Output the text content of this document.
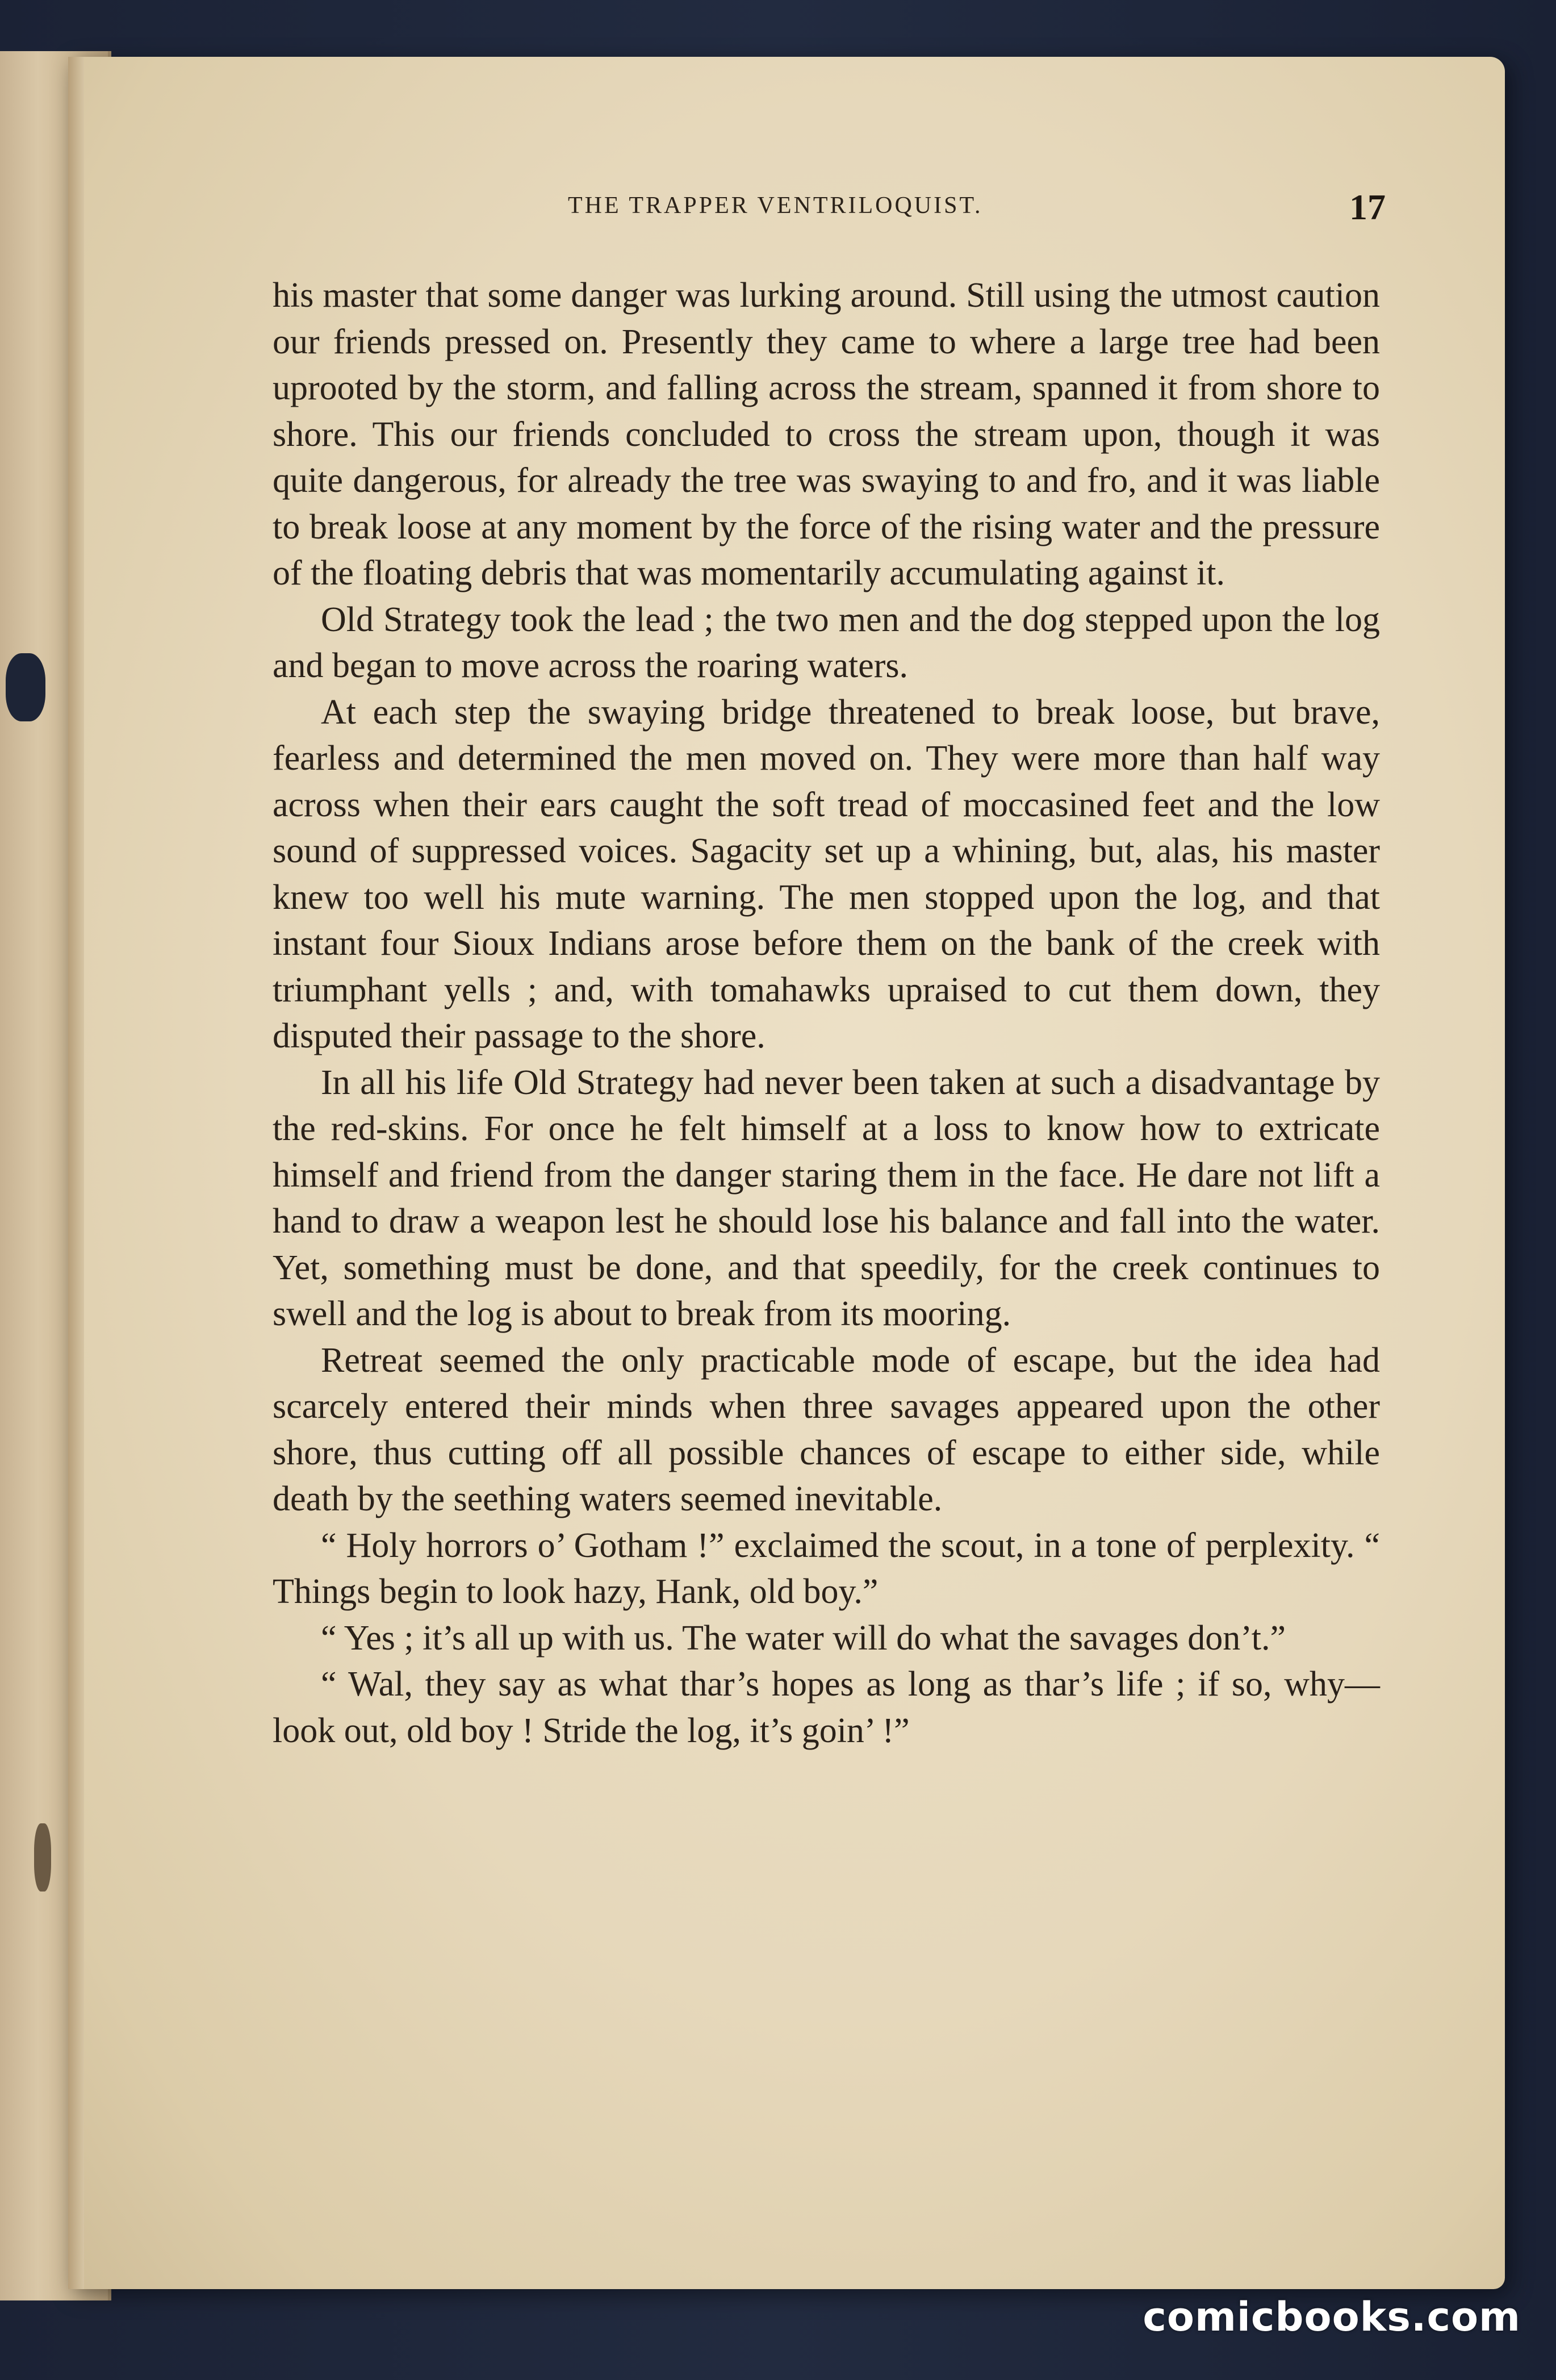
THE TRAPPER VENTRILOQUIST.	17

his master that some danger was lurking around. Still using the utmost caution our friends pressed on. Presently they came to where a large tree had been uprooted by the storm, and falling across the stream, spanned it from shore to shore. This our friends concluded to cross the stream upon, though it was quite dangerous, for already the tree was swaying to and fro, and it was liable to break loose at any moment by the force of the rising water and the pressure of the floating debris that was momentarily accumulating against it.

Old Strategy took the lead ; the two men and the dog stepped upon the log and began to move across the roaring waters.

At each step the swaying bridge threatened to break loose, but brave, fearless and determined the men moved on. They were more than half way across when their ears caught the soft tread of moccasined feet and the low sound of suppressed voices. Sagacity set up a whining, but, alas, his master knew too well his mute warning. The men stopped upon the log, and that instant four Sioux Indians arose before them on the bank of the creek with triumphant yells ; and, with tomahawks upraised to cut them down, they disputed their passage to the shore.

In all his life Old Strategy had never been taken at such a disadvantage by the red-skins. For once he felt himself at a loss to know how to extricate himself and friend from the danger staring them in the face. He dare not lift a hand to draw a weapon lest he should lose his balance and fall into the water. Yet, something must be done, and that speedily, for the creek continues to swell and the log is about to break from its mooring.

Retreat seemed the only practicable mode of escape, but the idea had scarcely entered their minds when three savages appeared upon the other shore, thus cutting off all possible chances of escape to either side, while death by the seething waters seemed inevitable.

“ Holy horrors o’ Gotham !” exclaimed the scout, in a tone of perplexity. “ Things begin to look hazy, Hank, old boy.”

“ Yes ; it’s all up with us. The water will do what the savages don’t.”

“ Wal, they say as what thar’s hopes as long as thar’s life ; if so, why—look out, old boy ! Stride the log, it’s goin’ !”

comicbooks.com
